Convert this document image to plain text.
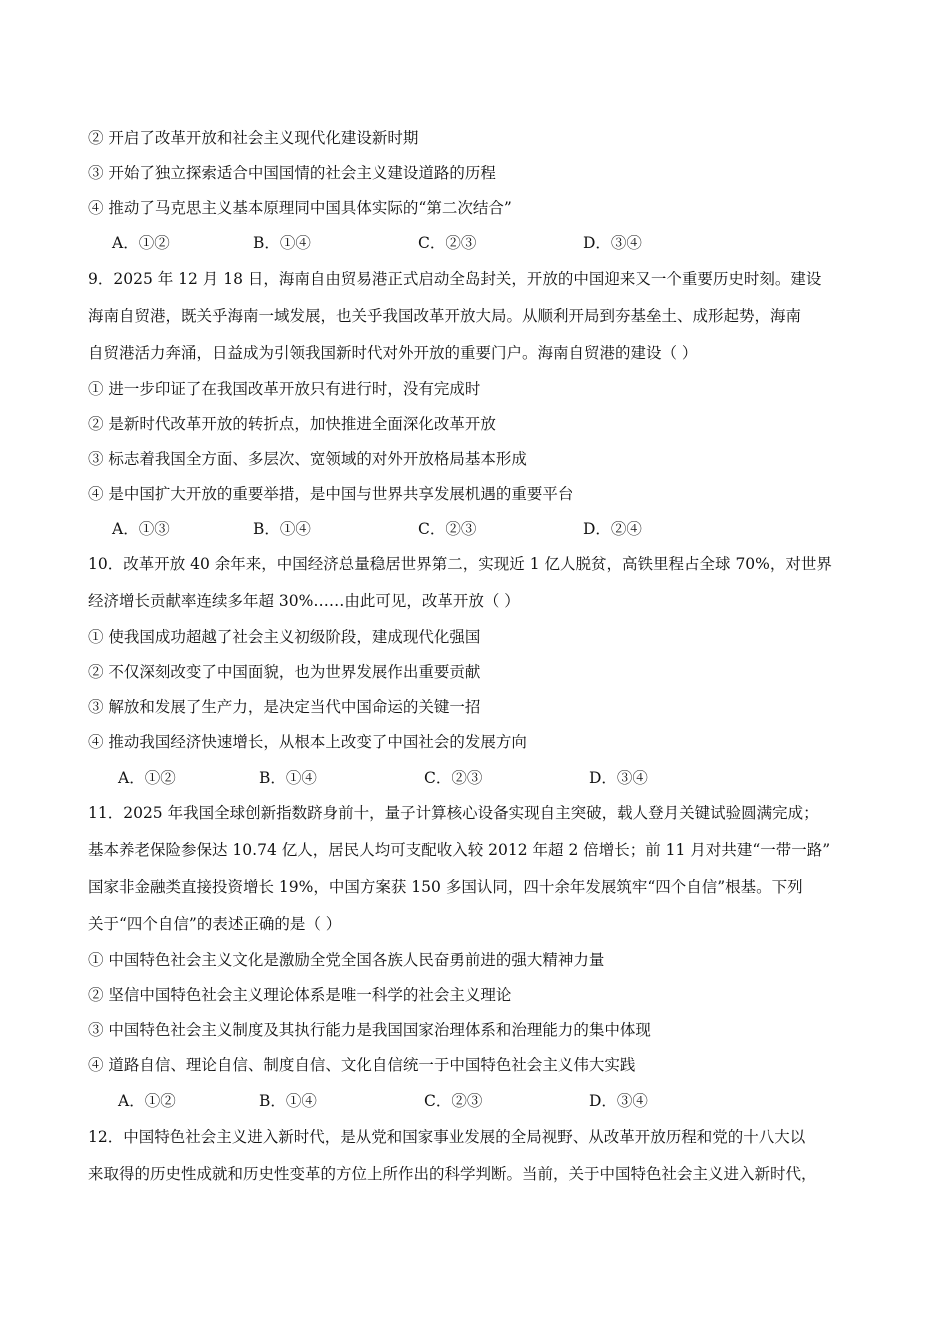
② 开启了改革开放和社会主义现代化建设新时期
③ 开始了独立探索适合中国国情的社会主义建设道路的历程
④ 推动了马克思主义基本原理同中国具体实际的“第二次结合”
A．①②	B．①④	C．②③	D．③④
9．2025 年 12 月 18 日，海南自由贸易港正式启动全岛封关，开放的中国迎来又一个重要历史时刻。建设
海南自贸港，既关乎海南一域发展，也关乎我国改革开放大局。从顺利开局到夯基垒土、成形起势，海南
自贸港活力奔涌，日益成为引领我国新时代对外开放的重要门户。海南自贸港的建设（ ）
① 进一步印证了在我国改革开放只有进行时，没有完成时
② 是新时代改革开放的转折点，加快推进全面深化改革开放
③ 标志着我国全方面、多层次、宽领域的对外开放格局基本形成
④ 是中国扩大开放的重要举措，是中国与世界共享发展机遇的重要平台
A．①③	B．①④	C．②③	D．②④
10．改革开放 40 余年来，中国经济总量稳居世界第二，实现近 1 亿人脱贫，高铁里程占全球 70%，对世界
经济增长贡献率连续多年超 30%……由此可见，改革开放（ ）
① 使我国成功超越了社会主义初级阶段，建成现代化强国
② 不仅深刻改变了中国面貌，也为世界发展作出重要贡献
③ 解放和发展了生产力，是决定当代中国命运的关键一招
④ 推动我国经济快速增长，从根本上改变了中国社会的发展方向
A．①②	B．①④	C．②③	D．③④
11．2025 年我国全球创新指数跻身前十，量子计算核心设备实现自主突破，载人登月关键试验圆满完成；
基本养老保险参保达 10.74 亿人，居民人均可支配收入较 2012 年超 2 倍增长；前 11 月对共建“一带一路”
国家非金融类直接投资增长 19%，中国方案获 150 多国认同，四十余年发展筑牢“四个自信”根基。下列
关于“四个自信”的表述正确的是（ ）
① 中国特色社会主义文化是激励全党全国各族人民奋勇前进的强大精神力量
② 坚信中国特色社会主义理论体系是唯一科学的社会主义理论
③ 中国特色社会主义制度及其执行能力是我国国家治理体系和治理能力的集中体现
④ 道路自信、理论自信、制度自信、文化自信统一于中国特色社会主义伟大实践
A．①②	B．①④	C．②③	D．③④
12．中国特色社会主义进入新时代，是从党和国家事业发展的全局视野、从改革开放历程和党的十八大以
来取得的历史性成就和历史性变革的方位上所作出的科学判断。当前，关于中国特色社会主义进入新时代，
